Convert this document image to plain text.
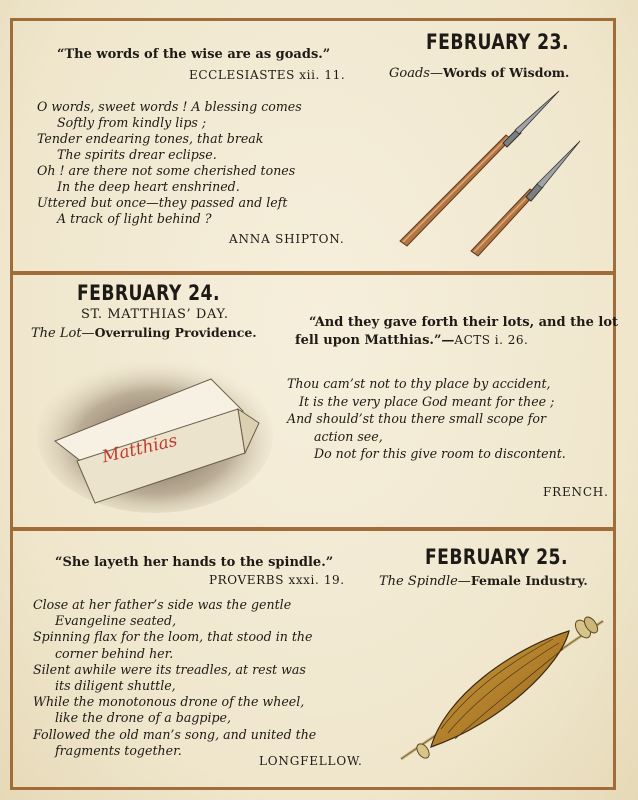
“The words of the wise are as goads.”
ECCLESIASTES xii. 11.
FEBRUARY 23.
Goads—Words of Wisdom.
O words, sweet words ! A blessing comes
Softly from kindly lips ;
Tender endearing tones, that break
The spirits drear eclipse.
Oh ! are there not some cherished tones
In the deep heart enshrined.
Uttered but once—they passed and left
A track of light behind ?
ANNA SHIPTON.
FEBRUARY 24.
ST. MATTHIAS’ DAY.
The Lot—Overruling Providence.
“And they gave forth their lots, and the lot
fell upon Matthias.”—ACTS i. 26.
Thou cam’st not to thy place by accident,
It is the very place God meant for thee ;
And should’st thou there small scope for
action see,
Do not for this give room to discontent.
FRENCH.
Matthias
“She layeth her hands to the spindle.”
PROVERBS xxxi. 19.
FEBRUARY 25.
The Spindle—Female Industry.
Close at her father’s side was the gentle
Evangeline seated,
Spinning flax for the loom, that stood in the
corner behind her.
Silent awhile were its treadles, at rest was
its diligent shuttle,
While the monotonous drone of the wheel,
like the drone of a bagpipe,
Followed the old man’s song, and united the
fragments together.
LONGFELLOW.
